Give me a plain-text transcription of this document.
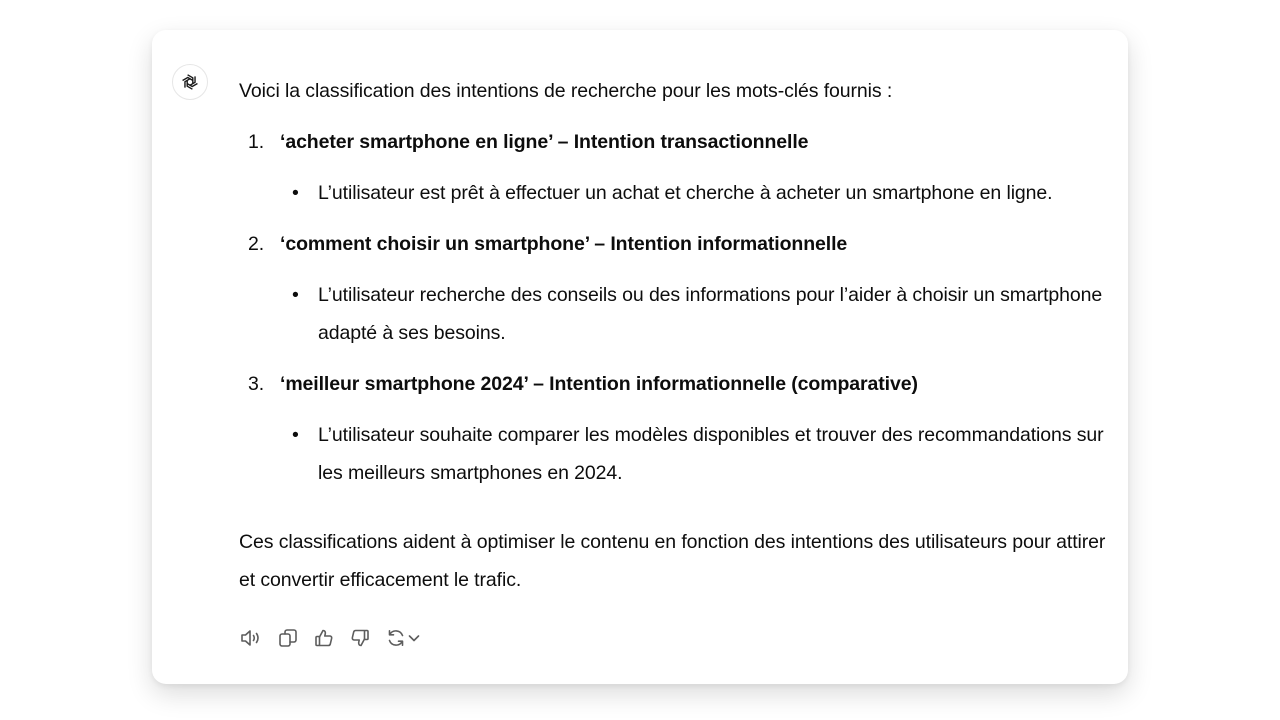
Voici la classification des intentions de recherche pour les mots-clés fournis :

1. ‘acheter smartphone en ligne’ – Intention transactionnelle

• L’utilisateur est prêt à effectuer un achat et cherche à acheter un smartphone en ligne.
2. ‘comment choisir un smartphone’ – Intention informationnelle

• L’utilisateur recherche des conseils ou des informations pour l’aider à choisir un smartphone adapté à ses besoins.
3. ‘meilleur smartphone 2024’ – Intention informationnelle (comparative)

• L’utilisateur souhaite comparer les modèles disponibles et trouver des recommandations sur les meilleurs smartphones en 2024.

Ces classifications aident à optimiser le contenu en fonction des intentions des utilisateurs pour attirer et convertir efficacement le trafic.
